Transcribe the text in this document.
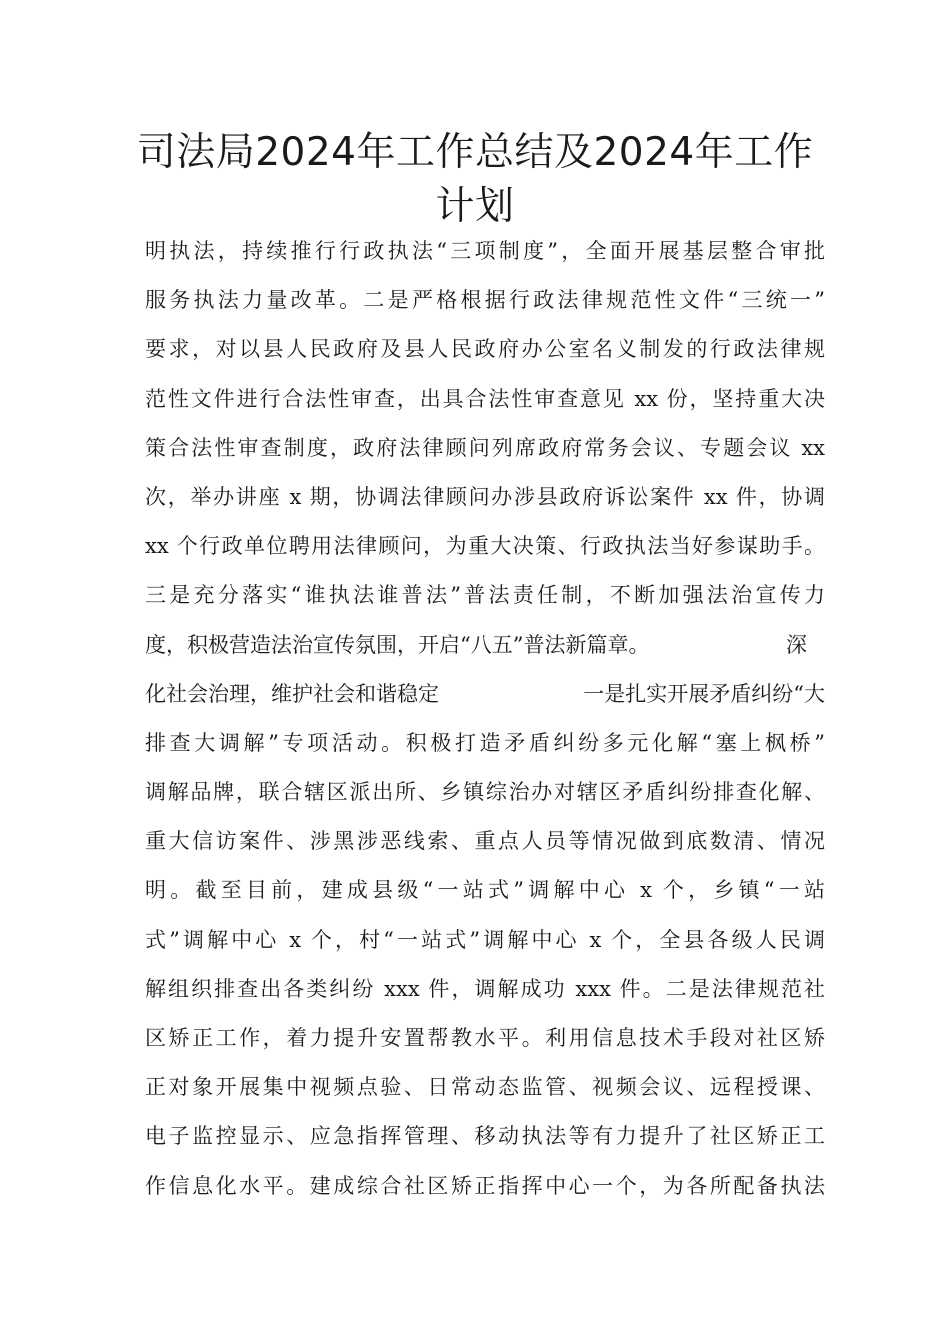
司法局2024年工作总结及2024年工作
计划
明执法，持续推行行政执法“三项制度”，全面开展基层整合审批
服务执法力量改革。二是严格根据行政法律规范性文件“三统一”
要求，对以县人民政府及县人民政府办公室名义制发的行政法律规
范性文件进行合法性审查，出具合法性审查意见 xx 份，坚持重大决
策合法性审查制度，政府法律顾问列席政府常务会议、专题会议 xx
次，举办讲座 x 期，协调法律顾问办涉县政府诉讼案件 xx 件，协调
xx 个行政单位聘用法律顾问，为重大决策、行政执法当好参谋助手。
三是充分落实“谁执法谁普法”普法责任制，不断加强法治宣传力
度，积极营造法治宣传氛围，开启“八五”普法新篇章。	深
化社会治理，维护社会和谐稳定	一是扎实开展矛盾纠纷“大
排查大调解”专项活动。积极打造矛盾纠纷多元化解“塞上枫桥”
调解品牌，联合辖区派出所、乡镇综治办对辖区矛盾纠纷排查化解、
重大信访案件、涉黑涉恶线索、重点人员等情况做到底数清、情况
明。截至目前，建成县级“一站式”调解中心 x 个，乡镇“一站
式”调解中心 x 个，村“一站式”调解中心 x 个，全县各级人民调
解组织排查出各类纠纷 xxx 件，调解成功 xxx 件。二是法律规范社
区矫正工作，着力提升安置帮教水平。利用信息技术手段对社区矫
正对象开展集中视频点验、日常动态监管、视频会议、远程授课、
电子监控显示、应急指挥管理、移动执法等有力提升了社区矫正工
作信息化水平。建成综合社区矫正指挥中心一个，为各所配备执法
